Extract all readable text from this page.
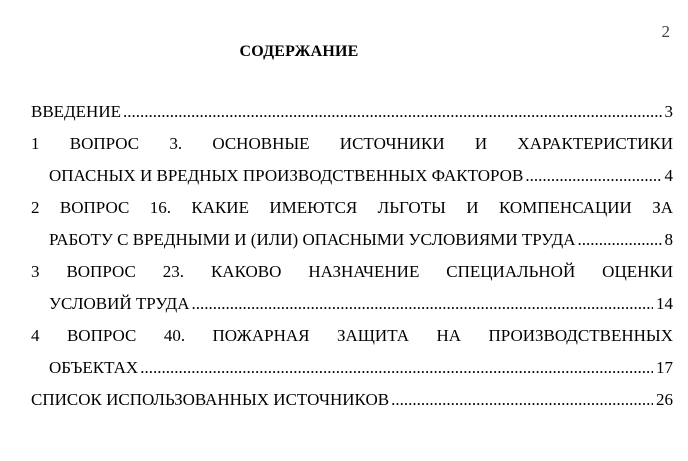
2
СОДЕРЖАНИЕ
ВВЕДЕНИЕ .....	3
1 ВОПРОС 3. ОСНОВНЫЕ ИСТОЧНИКИ И ХАРАКТЕРИСТИКИ
ОПАСНЫХ И ВРЕДНЫХ ПРОИЗВОДСТВЕННЫХ ФАКТОРОВ .....	4
2 ВОПРОС 16. КАКИЕ ИМЕЮТСЯ ЛЬГОТЫ И КОМПЕНСАЦИИ ЗА
РАБОТУ С ВРЕДНЫМИ И (ИЛИ) ОПАСНЫМИ УСЛОВИЯМИ ТРУДА .....	8
3 ВОПРОС 23. КАКОВО НАЗНАЧЕНИЕ СПЕЦИАЛЬНОЙ ОЦЕНКИ
УСЛОВИЙ ТРУДА .....	14
4 ВОПРОС 40. ПОЖАРНАЯ ЗАЩИТА НА ПРОИЗВОДСТВЕННЫХ
ОБЪЕКТАХ .....	17
СПИСОК ИСПОЛЬЗОВАННЫХ ИСТОЧНИКОВ .....	26
